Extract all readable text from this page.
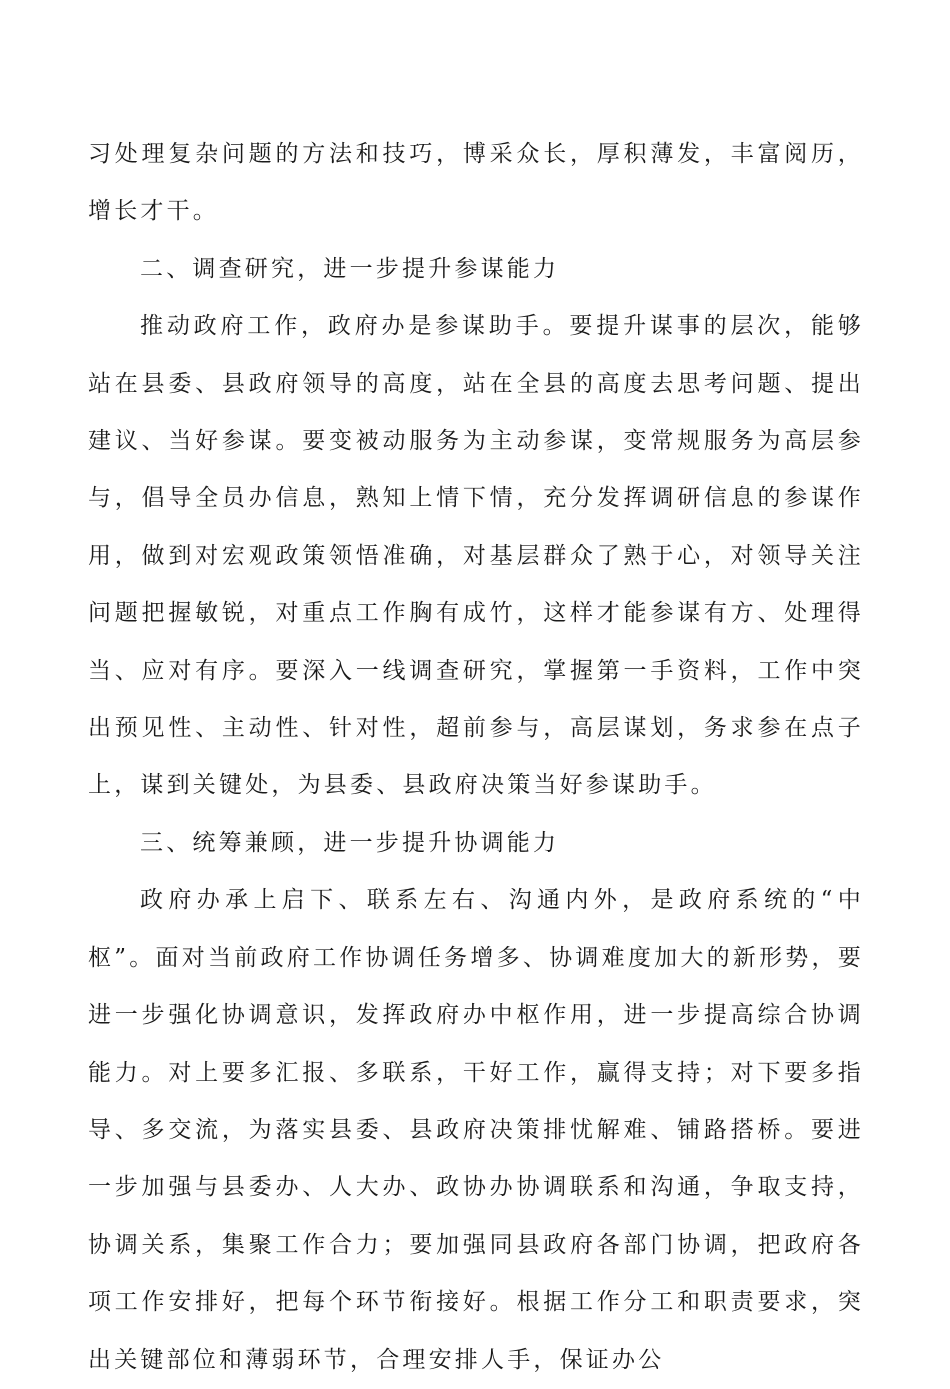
习处理复杂问题的方法和技巧，博采众长，厚积薄发，丰富阅历，增长才干。

二、调查研究，进一步提升参谋能力

推动政府工作，政府办是参谋助手。要提升谋事的层次，能够站在县委、县政府领导的高度，站在全县的高度去思考问题、提出建议、当好参谋。要变被动服务为主动参谋，变常规服务为高层参与，倡导全员办信息，熟知上情下情，充分发挥调研信息的参谋作用，做到对宏观政策领悟准确，对基层群众了熟于心，对领导关注问题把握敏锐，对重点工作胸有成竹，这样才能参谋有方、处理得当、应对有序。要深入一线调查研究，掌握第一手资料，工作中突出预见性、主动性、针对性，超前参与，高层谋划，务求参在点子上，谋到关键处，为县委、县政府决策当好参谋助手。

三、统筹兼顾，进一步提升协调能力

政府办承上启下、联系左右、沟通内外，是政府系统的“中枢”。面对当前政府工作协调任务增多、协调难度加大的新形势，要进一步强化协调意识，发挥政府办中枢作用，进一步提高综合协调能力。对上要多汇报、多联系，干好工作，赢得支持；对下要多指导、多交流，为落实县委、县政府决策排忧解难、铺路搭桥。要进一步加强与县委办、人大办、政协办协调联系和沟通，争取支持，协调关系，集聚工作合力；要加强同县政府各部门协调，把政府各项工作安排好，把每个环节衔接好。根据工作分工和职责要求，突出关键部位和薄弱环节，合理安排人手，保证办公
